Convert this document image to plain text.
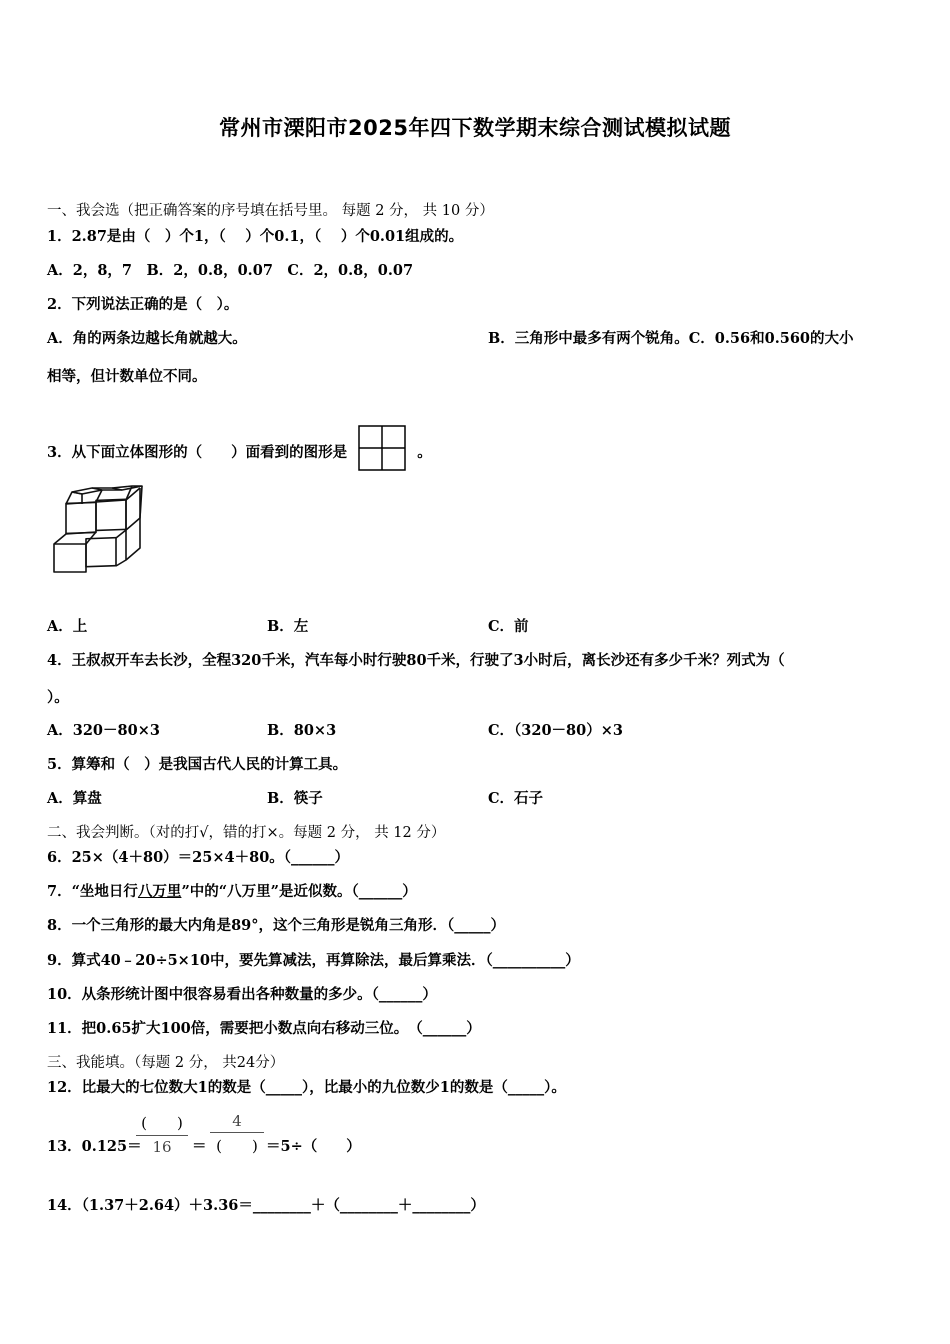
常州市溧阳市2025年四下数学期末综合测试模拟试题
一、我会选（把正确答案的序号填在括号里。 每题 2 分， 共 10 分）
1．2.87是由（　）个1，（　 ）个0.1，（　 ）个0.01组成的。
A．2，8，7　B．2，0.8，0.07　C．2，0.8，0.07
2．下列说法正确的是（　）。
A．角的两条边越长角就越大。	B．三角形中最多有两个锐角。C．0.56和0.560的大小
相等，但计数单位不同。
3．从下面立体图形的（　　）面看到的图形是	。
A．上	B．左	C．前
4．王叔叔开车去长沙，全程320千米，汽车每小时行驶80千米，行驶了3小时后，离长沙还有多少千米？列式为（
）。
A．320－80×3	B．80×3	C．（320－80）×3
5．算筹和（　）是我国古代人民的计算工具。
A．算盘	B．筷子	C．石子
二、我会判断。（对的打√，错的打×。每题 2 分， 共 12 分）
6．25×（4＋80）＝25×4＋80。（______）
7．“坐地日行八万里”中的“八万里”是近似数。（______）
8．一个三角形的最大内角是89°，这个三角形是锐角三角形．（_____）
9．算式40﹣20÷5×10中，要先算减法，再算除法，最后算乘法．（__________）
10．从条形统计图中很容易看出各种数量的多少。（______）
11．把0.65扩大100倍，需要把小数点向右移动三位。　（______）
三、我能填。（每题 2 分， 共24分）
12．比最大的七位数大1的数是（_____），比最小的九位数少1的数是（_____）。
13．0.125＝
(　　)
16	＝
4
(　　) ＝5÷（　　）
14．（1.37＋2.64）＋3.36＝________＋（________＋________）
